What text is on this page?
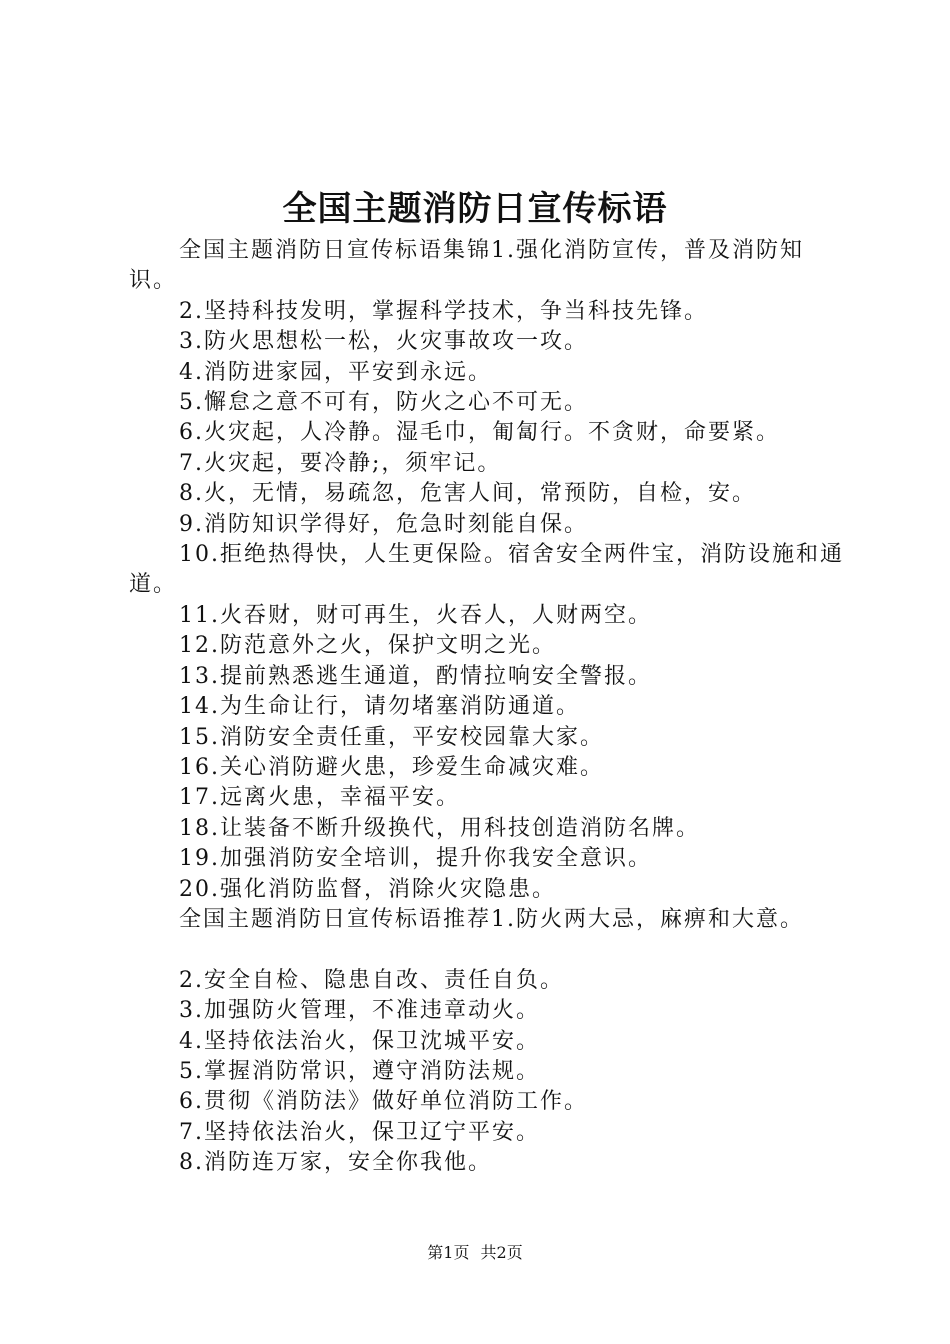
全国主题消防日宣传标语

全国主题消防日宣传标语集锦1.强化消防宣传，普及消防知识。

2.坚持科技发明，掌握科学技术，争当科技先锋。

3.防火思想松一松，火灾事故攻一攻。

4.消防进家园，平安到永远。

5.懈怠之意不可有，防火之心不可无。

6.火灾起，人冷静。湿毛巾，匍匐行。不贪财，命要紧。

7.火灾起，要冷静;，须牢记。

8.火，无情，易疏忽，危害人间，常预防，自检，安。

9.消防知识学得好，危急时刻能自保。

10.拒绝热得快，人生更保险。宿舍安全两件宝，消防设施和通道。

11.火吞财，财可再生，火吞人，人财两空。

12.防范意外之火，保护文明之光。

13.提前熟悉逃生通道，酌情拉响安全警报。

14.为生命让行，请勿堵塞消防通道。

15.消防安全责任重，平安校园靠大家。

16.关心消防避火患，珍爱生命减灾难。

17.远离火患，幸福平安。

18.让装备不断升级换代，用科技创造消防名牌。

19.加强消防安全培训，提升你我安全意识。

20.强化消防监督，消除火灾隐患。

全国主题消防日宣传标语推荐1.防火两大忌，麻痹和大意。

2.安全自检、隐患自改、责任自负。

3.加强防火管理，不准违章动火。

4.坚持依法治火，保卫沈城平安。

5.掌握消防常识，遵守消防法规。

6.贯彻《消防法》做好单位消防工作。

7.坚持依法治火，保卫辽宁平安。

8.消防连万家，安全你我他。

第1页 共2页
